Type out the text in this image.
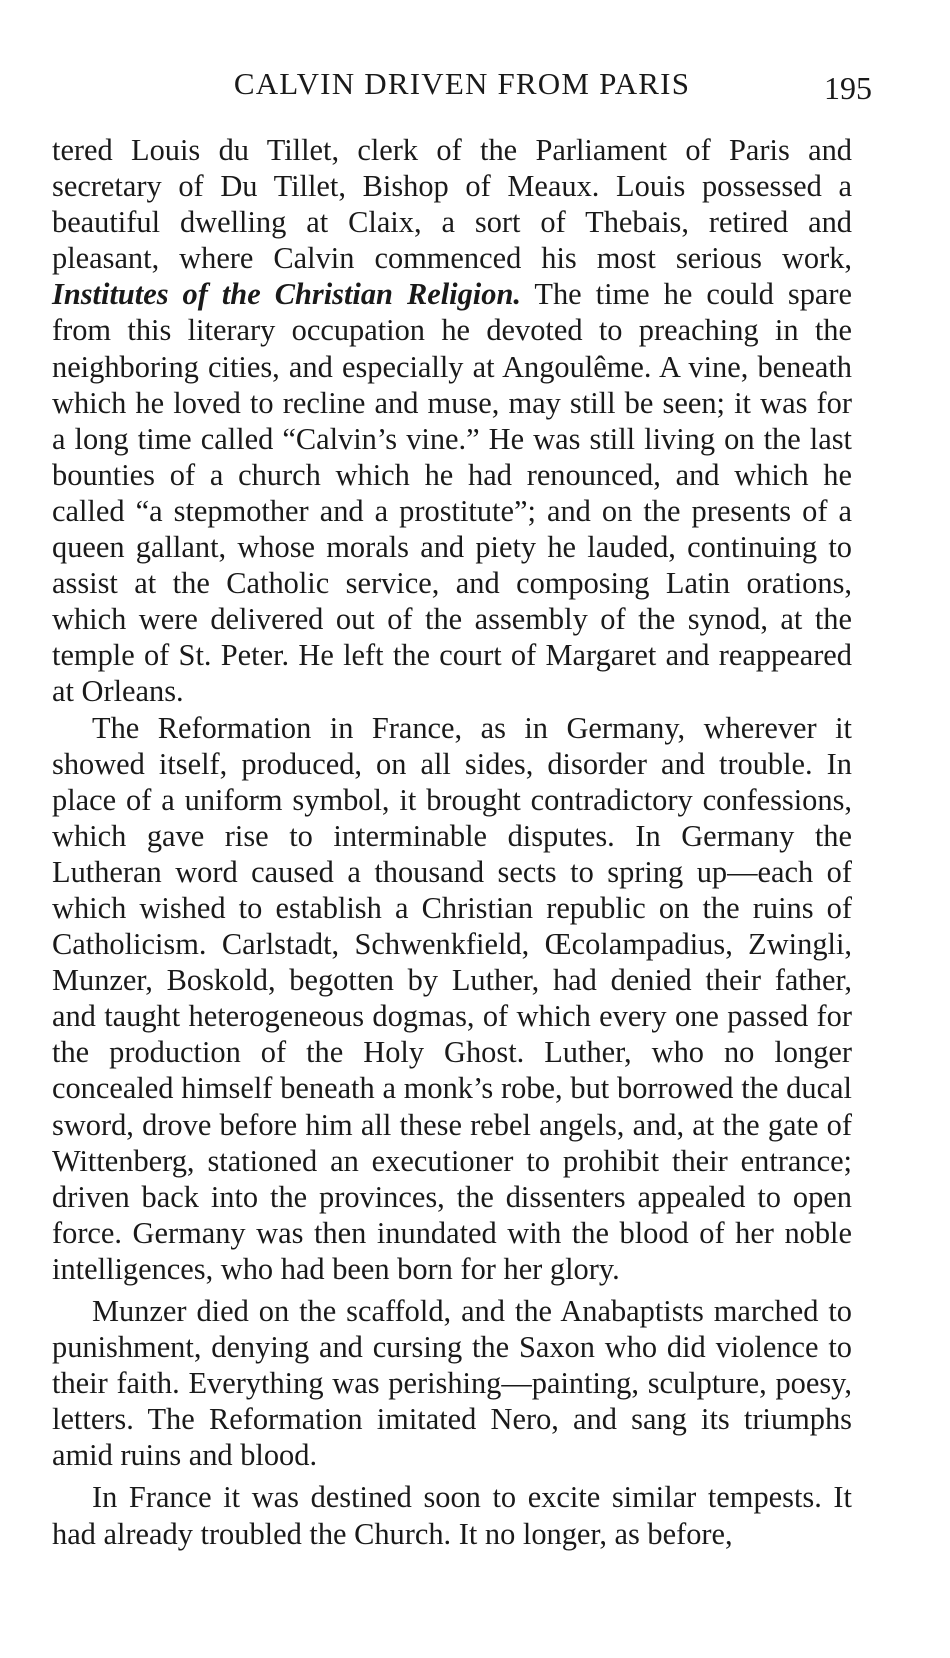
CALVIN DRIVEN FROM PARIS	195

tered Louis du Tillet, clerk of the Parliament of Paris and secretary of Du Tillet, Bishop of Meaux. Louis possessed a beautiful dwelling at Claix, a sort of Thebais, retired and pleasant, where Calvin commenced his most serious work, Institutes of the Christian Religion. The time he could spare from this literary occupation he devoted to preaching in the neighboring cities, and especially at Angoulême. A vine, beneath which he loved to recline and muse, may still be seen; it was for a long time called “Calvin’s vine.” He was still living on the last bounties of a church which he had renounced, and which he called “a stepmother and a prostitute”; and on the presents of a queen gallant, whose morals and piety he lauded, continuing to assist at the Catholic service, and composing Latin orations, which were delivered out of the assembly of the synod, at the temple of St. Peter. He left the court of Margaret and reappeared at Orleans.

The Reformation in France, as in Germany, wherever it showed itself, produced, on all sides, disorder and trouble. In place of a uniform symbol, it brought contradictory confessions, which gave rise to interminable disputes. In Germany the Lutheran word caused a thousand sects to spring up—each of which wished to establish a Christian republic on the ruins of Catholicism. Carlstadt, Schwenkfield, Œcolampadius, Zwingli, Munzer, Boskold, begotten by Luther, had denied their father, and taught heterogeneous dogmas, of which every one passed for the production of the Holy Ghost. Luther, who no longer concealed himself beneath a monk’s robe, but borrowed the ducal sword, drove before him all these rebel angels, and, at the gate of Wittenberg, stationed an executioner to prohibit their entrance; driven back into the provinces, the dissenters appealed to open force. Germany was then inundated with the blood of her noble intelligences, who had been born for her glory.

Munzer died on the scaffold, and the Anabaptists marched to punishment, denying and cursing the Saxon who did violence to their faith. Everything was perishing—painting, sculpture, poesy, letters. The Reformation imitated Nero, and sang its triumphs amid ruins and blood.

In France it was destined soon to excite similar tempests. It had already troubled the Church. It no longer, as before,
